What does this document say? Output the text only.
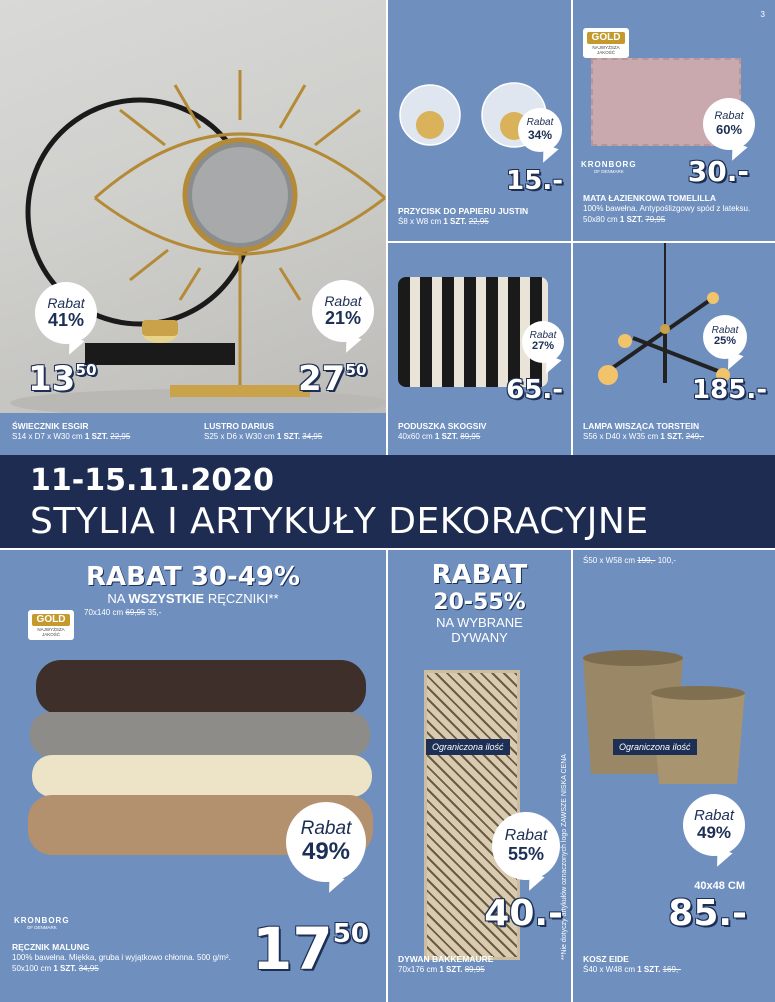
Rabat
41%
$13^{50}$
Rabat
21%
$27^{50}$
ŚWIECZNIK ESGIR
S14 x D7 x W30 cm 1 SZT. 22,95
LUSTRO DARIUS
S25 x D6 x W30 cm 1 SZT. 34,95
Rabat
34%
15.-
PRZYCISK DO PAPIERU JUSTIN
Ś8 x W8 cm 1 SZT. 22,95
3
GOLD
NAJWYŻSZA
JAKOŚĆ
Rabat
60%
KRONBORG
OF DENMARK	30.-
MATA ŁAZIENKOWA TOMELILLA
100% bawełna. Antypoślizgowy spód z lateksu. 50x80 cm 1 SZT. 79,95
Rabat
27%
65.-
PODUSZKA SKOGSIV
40x60 cm 1 SZT. 89,95
Rabat
25%
185.-
LAMPA WISZĄCA TORSTEIN
S56 x D40 x W35 cm 1 SZT. 249,-
11-15.11.2020
STYLIA I ARTYKUŁY DEKORACYJNE
RABAT 30-49%
NA WSZYSTKIE RĘCZNIKI**
GOLD
NAJWYŻSZA
JAKOŚĆ
70x140 cm 69,95 35,-
Rabat
49%
KRONBORG
OF DENMARK	$17^{50}$
RĘCZNIK MALUNG
100% bawełna. Miękka, gruba i wyjątkowo chłonna. 500 g/m². 50x100 cm 1 SZT. 34,95
RABAT
20-55%
NA WYBRANE
DYWANY
Ograniczona ilość
Rabat
55%
40.-
DYWAN BAKKEMAURE
70x176 cm 1 SZT. 89,95
Ś50 x W58 cm 199,- 100,-
Ograniczona ilość
Rabat
49%
40x48 CM
85.-
KOSZ EIDE
Ś40 x W48 cm 1 SZT. 169,-
**Nie dotyczy artykułów oznaczonych logo ZAWSZE NISKA CENA
